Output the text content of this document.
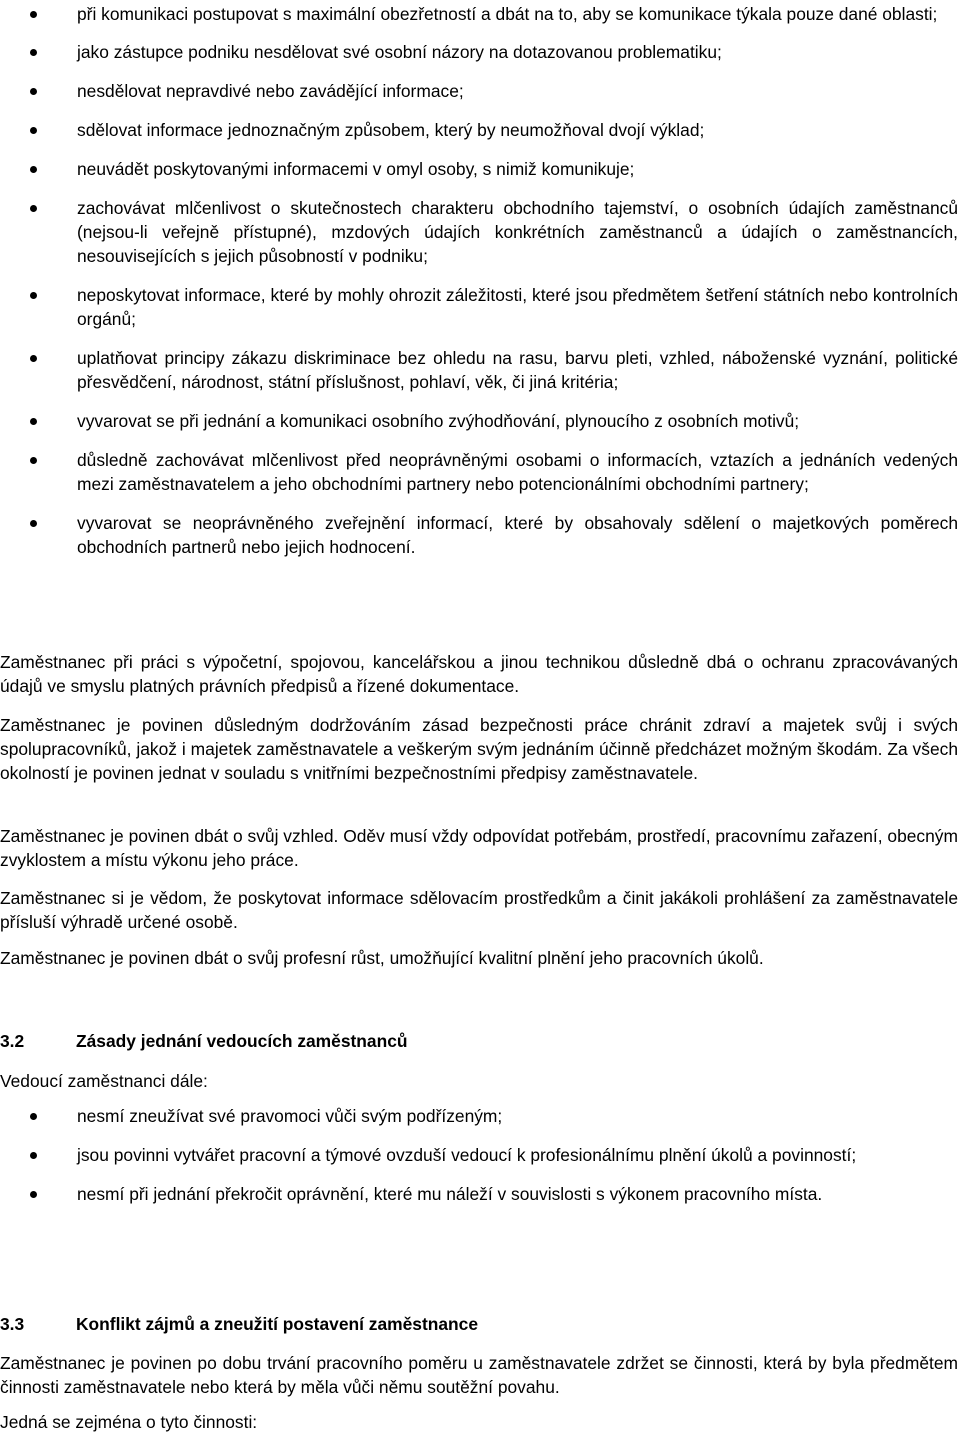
při komunikaci postupovat s maximální obezřetností a dbát na to, aby se komunikace týkala pouze dané oblasti;
jako zástupce podniku nesdělovat své osobní názory na dotazovanou problematiku;
nesdělovat nepravdivé nebo zavádějící informace;
sdělovat informace jednoznačným způsobem, který by neumožňoval dvojí výklad;
neuvádět poskytovanými informacemi v omyl osoby, s nimiž komunikuje;
zachovávat mlčenlivost o skutečnostech charakteru obchodního tajemství, o osobních údajích zaměstnanců (nejsou-li veřejně přístupné), mzdových údajích konkrétních zaměstnanců a údajích o zaměstnancích, nesouvisejících s jejich působností v podniku;
neposkytovat informace, které by mohly ohrozit záležitosti, které jsou předmětem šetření státních nebo kontrolních orgánů;
uplatňovat principy zákazu diskriminace bez ohledu na rasu, barvu pleti, vzhled, náboženské vyznání, politické přesvědčení, národnost, státní příslušnost, pohlaví, věk, či jiná kritéria;
vyvarovat se při jednání a komunikaci osobního zvýhodňování, plynoucího z osobních motivů;
důsledně zachovávat mlčenlivost před neoprávněnými osobami o informacích, vztazích a jednáních vedených mezi zaměstnavatelem a jeho obchodními partnery nebo potencionálními obchodními partnery;
vyvarovat se neoprávněného zveřejnění informací, které by obsahovaly sdělení o majetkových poměrech obchodních partnerů nebo jejich hodnocení.

Zaměstnanec při práci s výpočetní, spojovou, kancelářskou a jinou technikou důsledně dbá o ochranu zpracovávaných údajů ve smyslu platných právních předpisů a řízené dokumentace.

Zaměstnanec je povinen důsledným dodržováním zásad bezpečnosti práce chránit zdraví a majetek svůj i svých spolupracovníků, jakož i majetek zaměstnavatele a veškerým svým jednáním účinně předcházet možným škodám. Za všech okolností je povinen jednat v souladu s vnitřními bezpečnostními předpisy zaměstnavatele.

Zaměstnanec je povinen dbát o svůj vzhled. Oděv musí vždy odpovídat potřebám, prostředí, pracovnímu zařazení, obecným zvyklostem a místu výkonu jeho práce.

Zaměstnanec si je vědom, že poskytovat informace sdělovacím prostředkům a činit jakákoli prohlášení za zaměstnavatele přísluší výhradě určené osobě.

Zaměstnanec je povinen dbát o svůj profesní růst, umožňující kvalitní plnění jeho pracovních úkolů.

3.2	Zásady jednání vedoucích zaměstnanců

Vedoucí zaměstnanci dále:

nesmí zneužívat své pravomoci vůči svým podřízeným;
jsou povinni vytvářet pracovní a týmové ovzduší vedoucí k profesionálnímu plnění úkolů a povinností;
nesmí při jednání překročit oprávnění, které mu náleží v souvislosti s výkonem pracovního místa.
3.3	Konflikt zájmů a zneužití postavení zaměstnance

Zaměstnanec je povinen po dobu trvání pracovního poměru u zaměstnavatele zdržet se činnosti, která by byla předmětem činnosti zaměstnavatele nebo která by měla vůči němu soutěžní povahu.

Jedná se zejména o tyto činnosti:
